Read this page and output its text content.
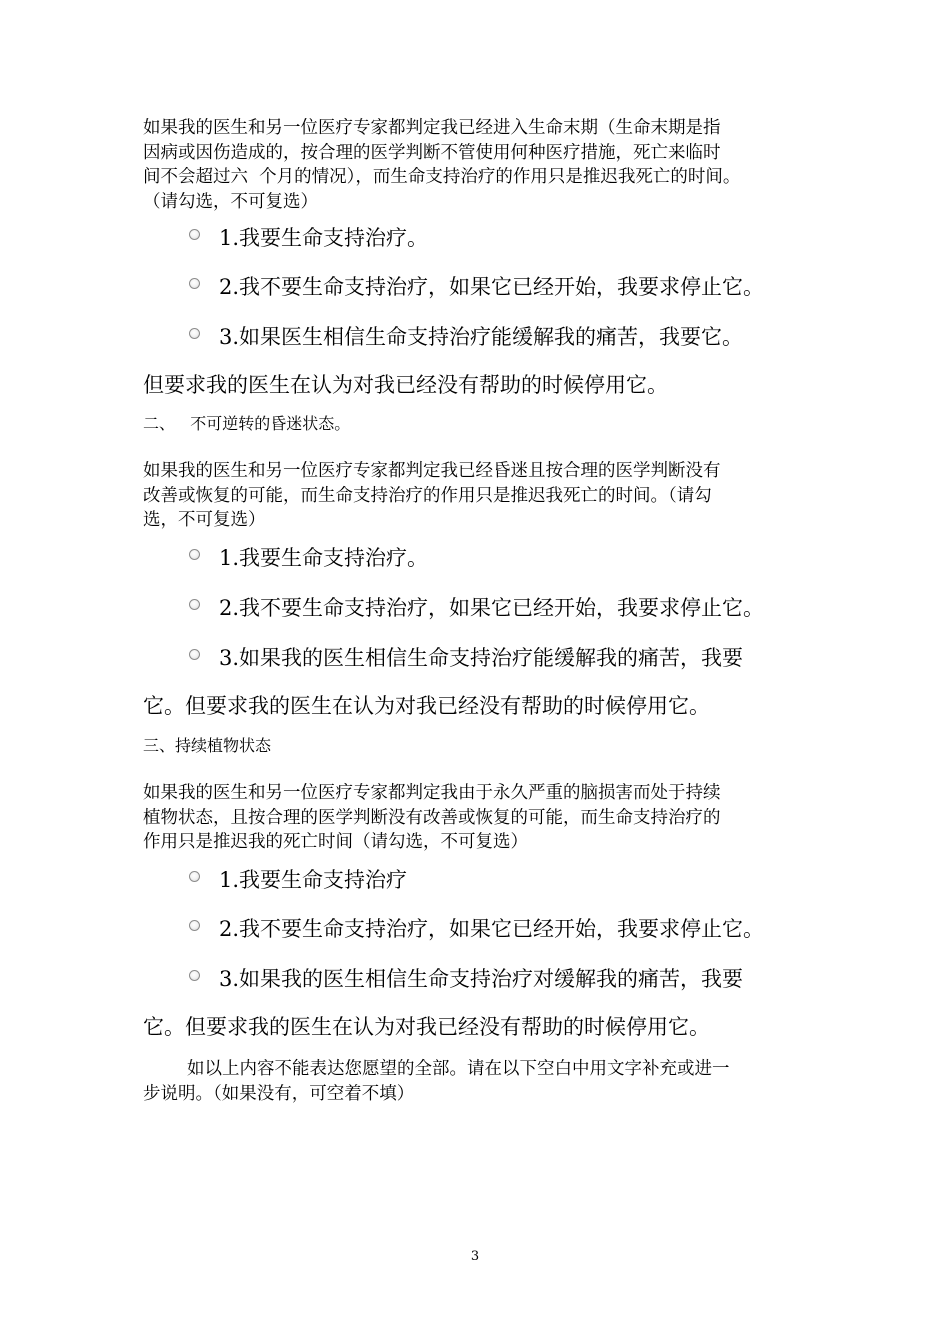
如果我的医生和另一位医疗专家都判定我已经进入生命末期（生命末期是指
因病或因伤造成的，按合理的医学判断不管使用何种医疗措施，死亡来临时
间不会超过六  个月的情况），而生命支持治疗的作用只是推迟我死亡的时间。
（请勾选，不可复选）

1.我要生命支持治疗。
2.我不要生命支持治疗，如果它已经开始，我要求停止它。
3.如果医生相信生命支持治疗能缓解我的痛苦，我要它。

但要求我的医生在认为对我已经没有帮助的时候停用它。

二、   不可逆转的昏迷状态。

如果我的医生和另一位医疗专家都判定我已经昏迷且按合理的医学判断没有
改善或恢复的可能，而生命支持治疗的作用只是推迟我死亡的时间。（请勾
选，不可复选）

1.我要生命支持治疗。
2.我不要生命支持治疗，如果它已经开始，我要求停止它。
3.如果我的医生相信生命支持治疗能缓解我的痛苦，我要

它。但要求我的医生在认为对我已经没有帮助的时候停用它。

三、持续植物状态

如果我的医生和另一位医疗专家都判定我由于永久严重的脑损害而处于持续
植物状态，且按合理的医学判断没有改善或恢复的可能，而生命支持治疗的
作用只是推迟我的死亡时间（请勾选，不可复选）

1.我要生命支持治疗
2.我不要生命支持治疗，如果它已经开始，我要求停止它。
3.如果我的医生相信生命支持治疗对缓解我的痛苦，我要

它。但要求我的医生在认为对我已经没有帮助的时候停用它。

如以上内容不能表达您愿望的全部。请在以下空白中用文字补充或进一
步说明。（如果没有，可空着不填）

3
